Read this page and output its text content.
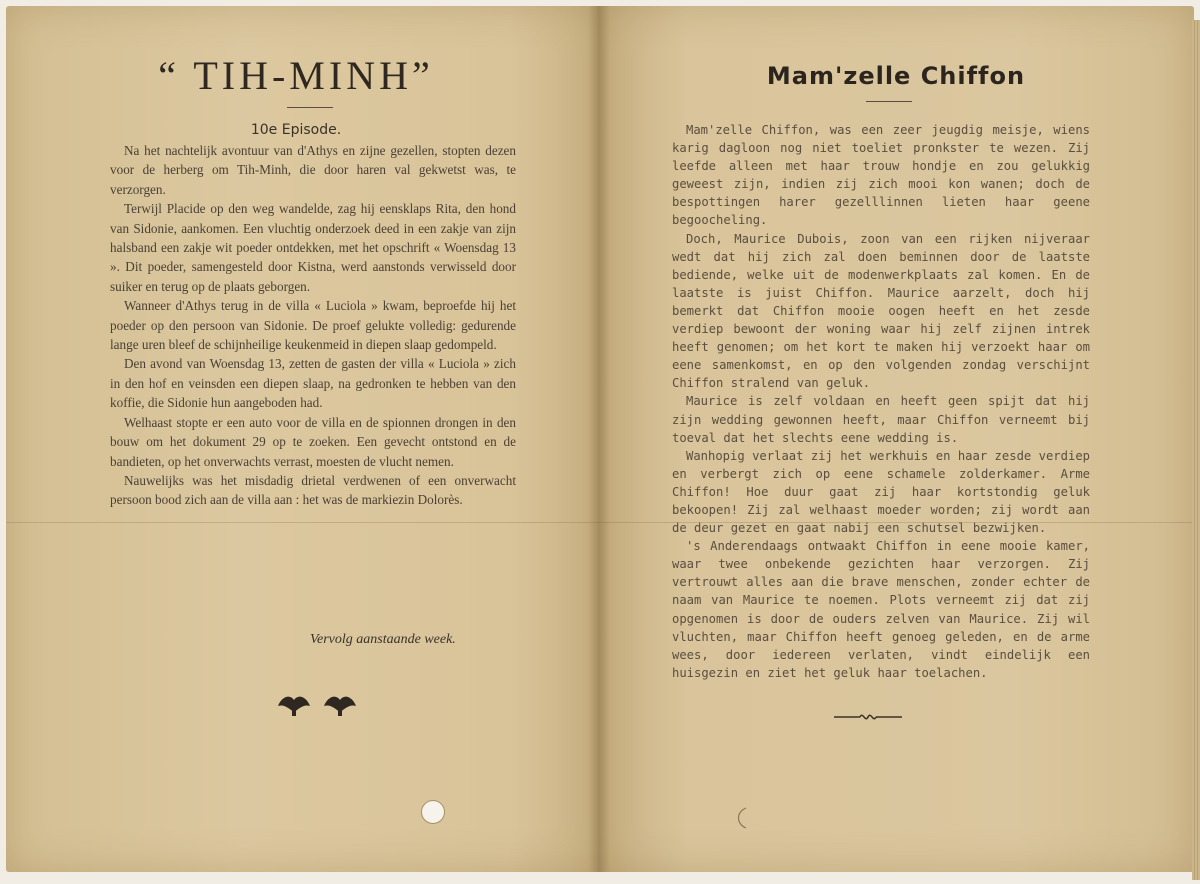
“ TIH-MINH”
10e Episode.

Na het nachtelijk avontuur van d'Athys en zijne gezellen, stopten dezen voor de herberg om Tih-Minh, die door haren val gekwetst was, te verzorgen.

Terwijl Placide op den weg wandelde, zag hij eensklaps Rita, den hond van Sidonie, aankomen. Een vluchtig onderzoek deed in een zakje van zijn halsband een zakje wit poeder ontdekken, met het opschrift « Woensdag 13 ». Dit poeder, samengesteld door Kistna, werd aanstonds verwisseld door suiker en terug op de plaats geborgen.

Wanneer d'Athys terug in de villa « Luciola » kwam, beproefde hij het poeder op den persoon van Sidonie. De proef gelukte volledig: gedurende lange uren bleef de schijnheilige keukenmeid in diepen slaap gedompeld.

Den avond van Woensdag 13, zetten de gasten der villa « Luciola » zich in den hof en veinsden een diepen slaap, na gedronken te hebben van den koffie, die Sidonie hun aangeboden had.

Welhaast stopte er een auto voor de villa en de spionnen drongen in den bouw om het dokument 29 op te zoeken. Een gevecht ontstond en de bandieten, op het onverwachts verrast, moesten de vlucht nemen.

Nauwelijks was het misdadig drietal verdwenen of een onverwacht persoon bood zich aan de villa aan : het was de markiezin Dolorès.

Vervolg aanstaande week.
Mam'zelle Chiffon

Mam'zelle Chiffon, was een zeer jeugdig meisje, wiens karig dagloon nog niet toeliet pronkster te wezen. Zij leefde alleen met haar trouw hondje en zou gelukkig geweest zijn, indien zij zich mooi kon wanen; doch de bespottingen harer gezelllinnen lieten haar geene begoocheling.

Doch, Maurice Dubois, zoon van een rijken nijveraar wedt dat hij zich zal doen beminnen door de laatste bediende, welke uit de modenwerkplaats zal komen. En de laatste is juist Chiffon. Maurice aarzelt, doch hij bemerkt dat Chiffon mooie oogen heeft en het zesde verdiep bewoont der woning waar hij zelf zijnen intrek heeft genomen; om het kort te maken hij verzoekt haar om eene samenkomst, en op den volgenden zondag verschijnt Chiffon stralend van geluk.

Maurice is zelf voldaan en heeft geen spijt dat hij zijn wedding gewonnen heeft, maar Chiffon verneemt bij toeval dat het slechts eene wedding is.

Wanhopig verlaat zij het werkhuis en haar zesde verdiep en verbergt zich op eene schamele zolderkamer. Arme Chiffon! Hoe duur gaat zij haar kortstondig geluk bekoopen! Zij zal welhaast moeder worden; zij wordt aan de deur gezet en gaat nabij een schutsel bezwijken.

's Anderendaags ontwaakt Chiffon in eene mooie kamer, waar twee onbekende gezichten haar verzorgen. Zij vertrouwt alles aan die brave menschen, zonder echter de naam van Maurice te noemen. Plots verneemt zij dat zij opgenomen is door de ouders zelven van Maurice. Zij wil vluchten, maar Chiffon heeft genoeg geleden, en de arme wees, door iedereen verlaten, vindt eindelijk een huisgezin en ziet het geluk haar toelachen.
